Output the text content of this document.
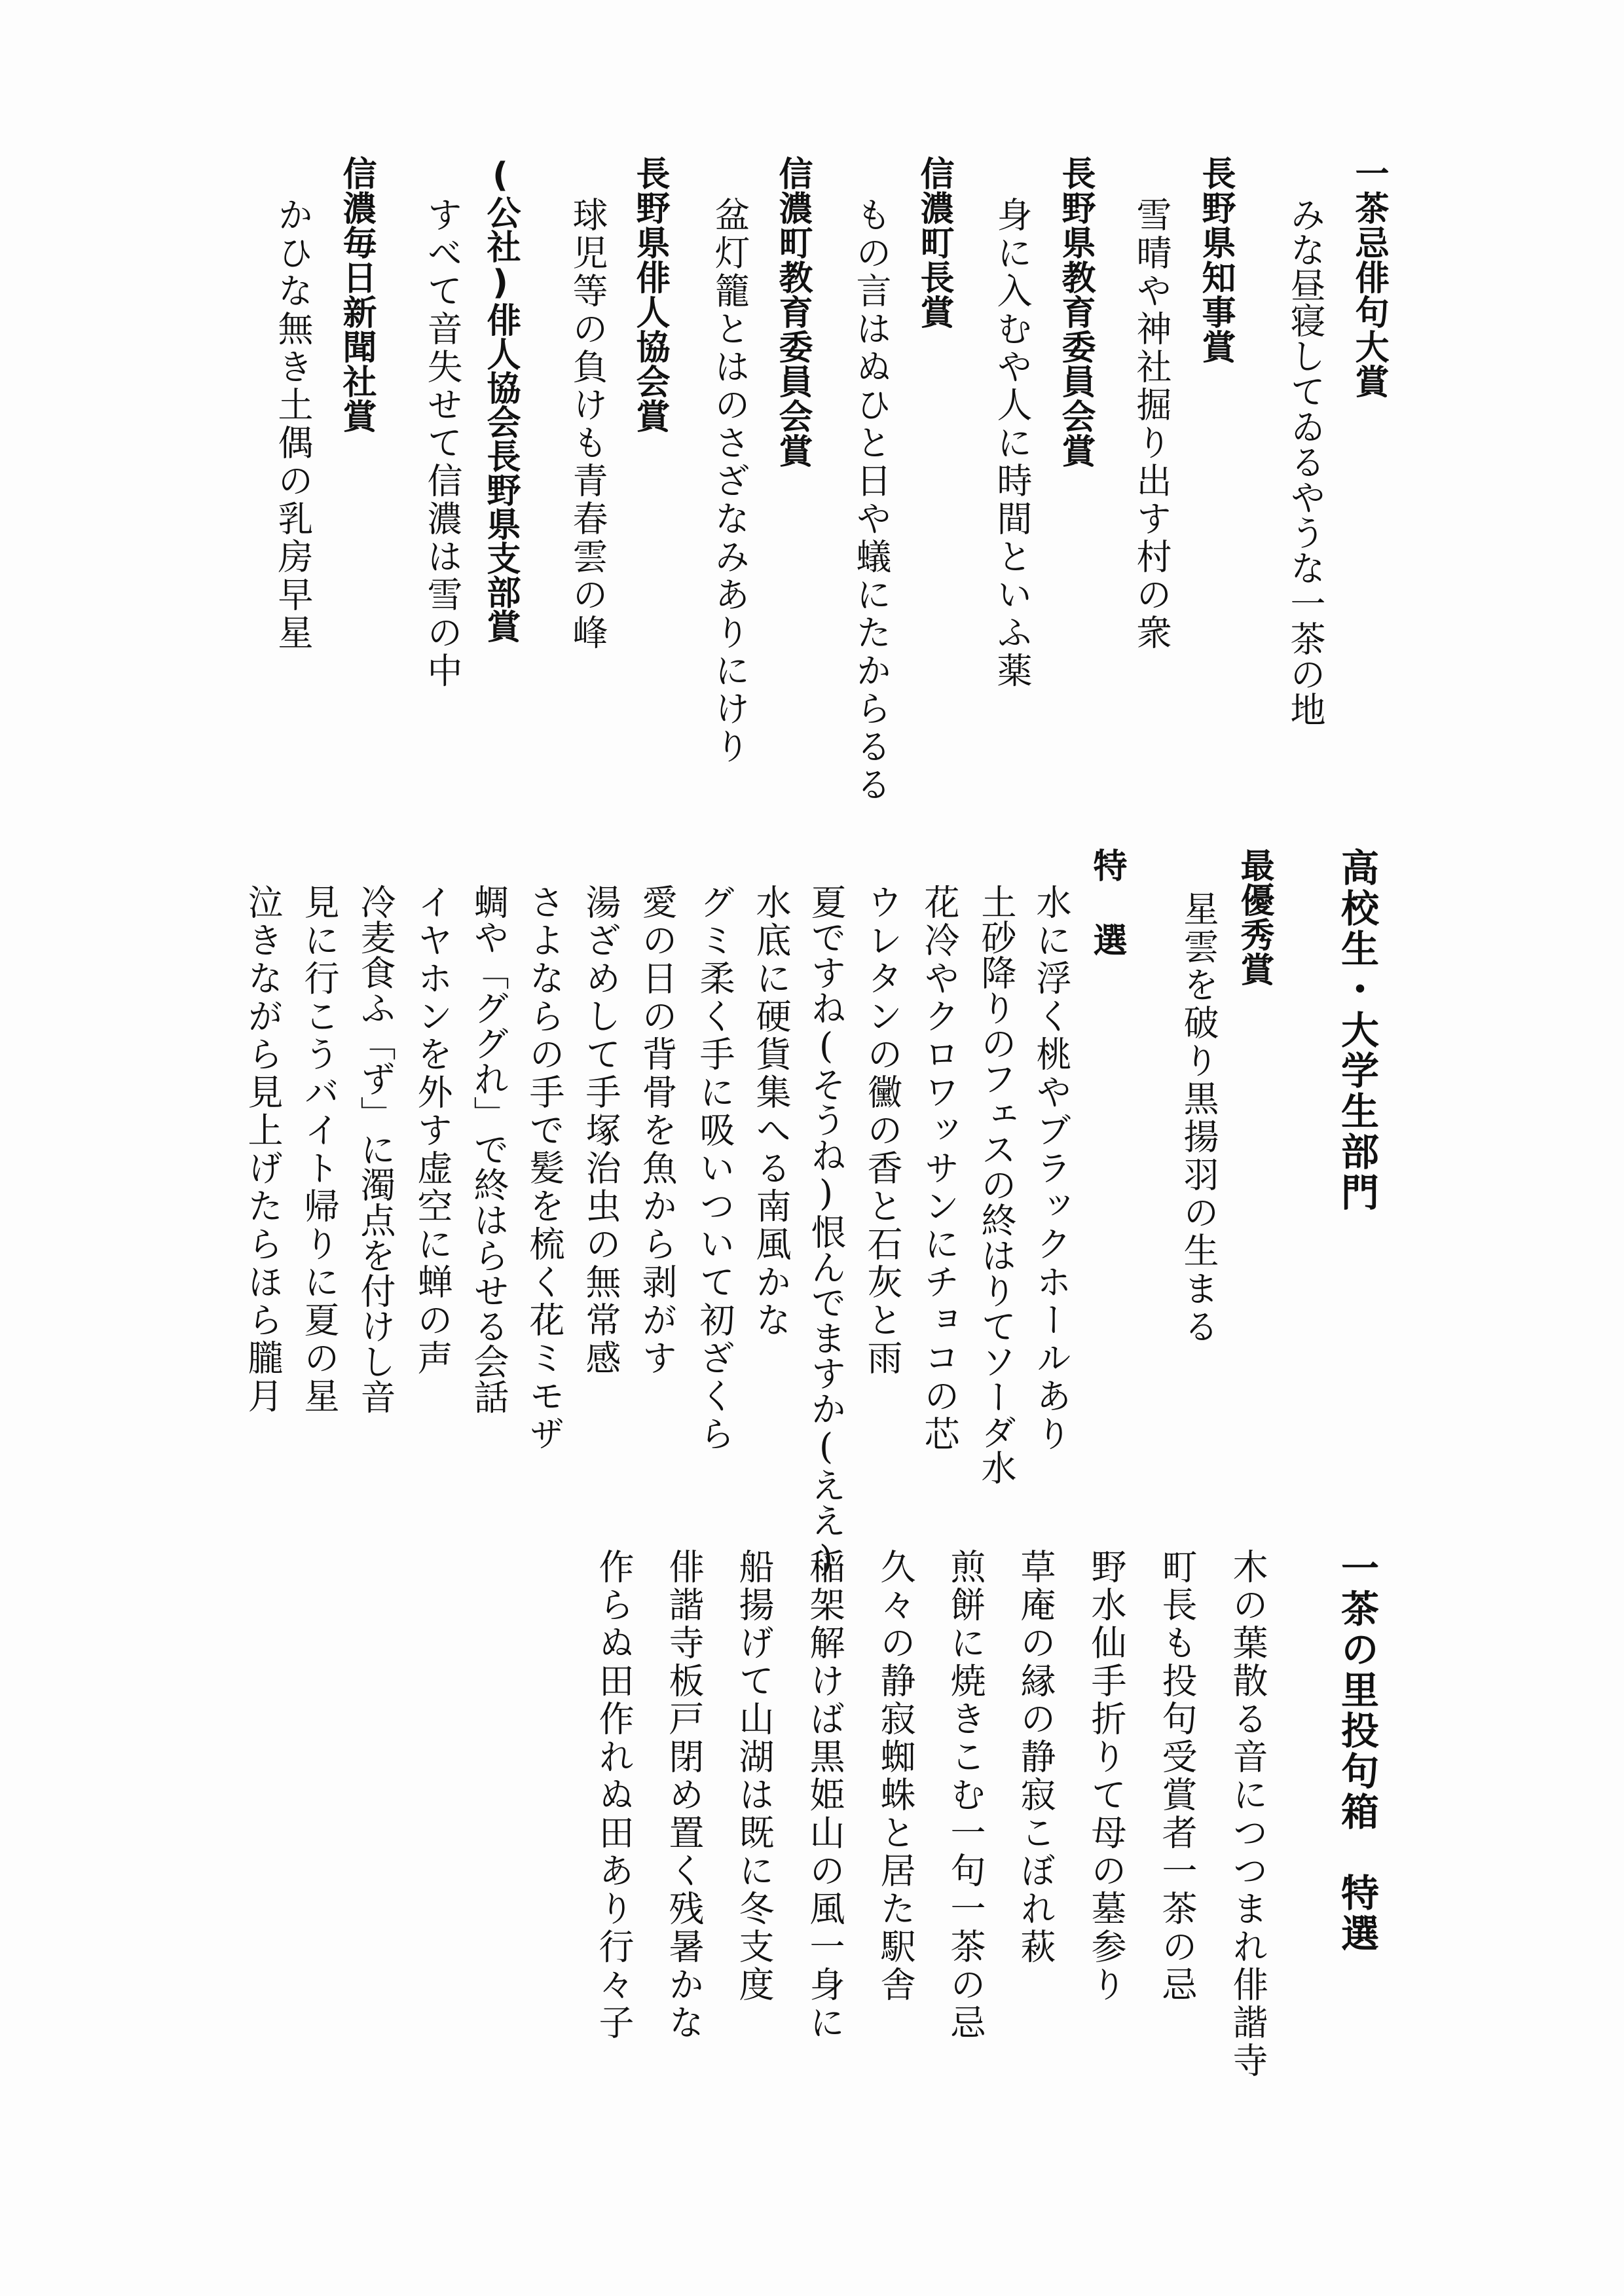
一茶忌俳句大賞

みな昼寝してゐるやうな一茶の地

長野県知事賞

雪晴や神社掘り出す村の衆

長野県教育委員会賞

身に入むや人に時間といふ薬

信濃町長賞

もの言はぬひと日や蟻にたからるる

信濃町教育委員会賞

盆灯籠とはのさざなみありにけり

長野県俳人協会賞

球児等の負けも青春雲の峰

(公社)俳人協会長野県支部賞

すべて音失せて信濃は雪の中

信濃毎日新聞社賞

かひな無き土偶の乳房早星

高校生・大学生部門

最優秀賞

星雲を破り黒揚羽の生まる

特 選

水に浮く桃やブラックホールあり

土砂降りのフェスの終はりてソーダ水

花冷やクロワッサンにチョコの芯

ウレタンの黴の香と石灰と雨

夏ですね(そうね)恨んでますか(ええ)

水底に硬貨集へる南風かな

グミ柔く手に吸いついて初ざくら

愛の日の背骨を魚から剥がす

湯ざめして手塚治虫の無常感

さよならの手で髪を梳く花ミモザ

蜩や「ググれ」で終はらせる会話

イヤホンを外す虚空に蝉の声

冷麦食ふ「ず」に濁点を付けし音

見に行こうバイト帰りに夏の星

泣きながら見上げたらほら朧月

一茶の里投句箱　特選

木の葉散る音につつまれ俳諧寺

町長も投句受賞者一茶の忌

野水仙手折りて母の墓参り

草庵の縁の静寂こぼれ萩

煎餅に焼きこむ一句一茶の忌

久々の静寂蜘蛛と居た駅舎

稲架解けば黒姫山の風一身に

船揚げて山湖は既に冬支度

俳諧寺板戸閉め置く残暑かな

作らぬ田作れぬ田あり行々子
